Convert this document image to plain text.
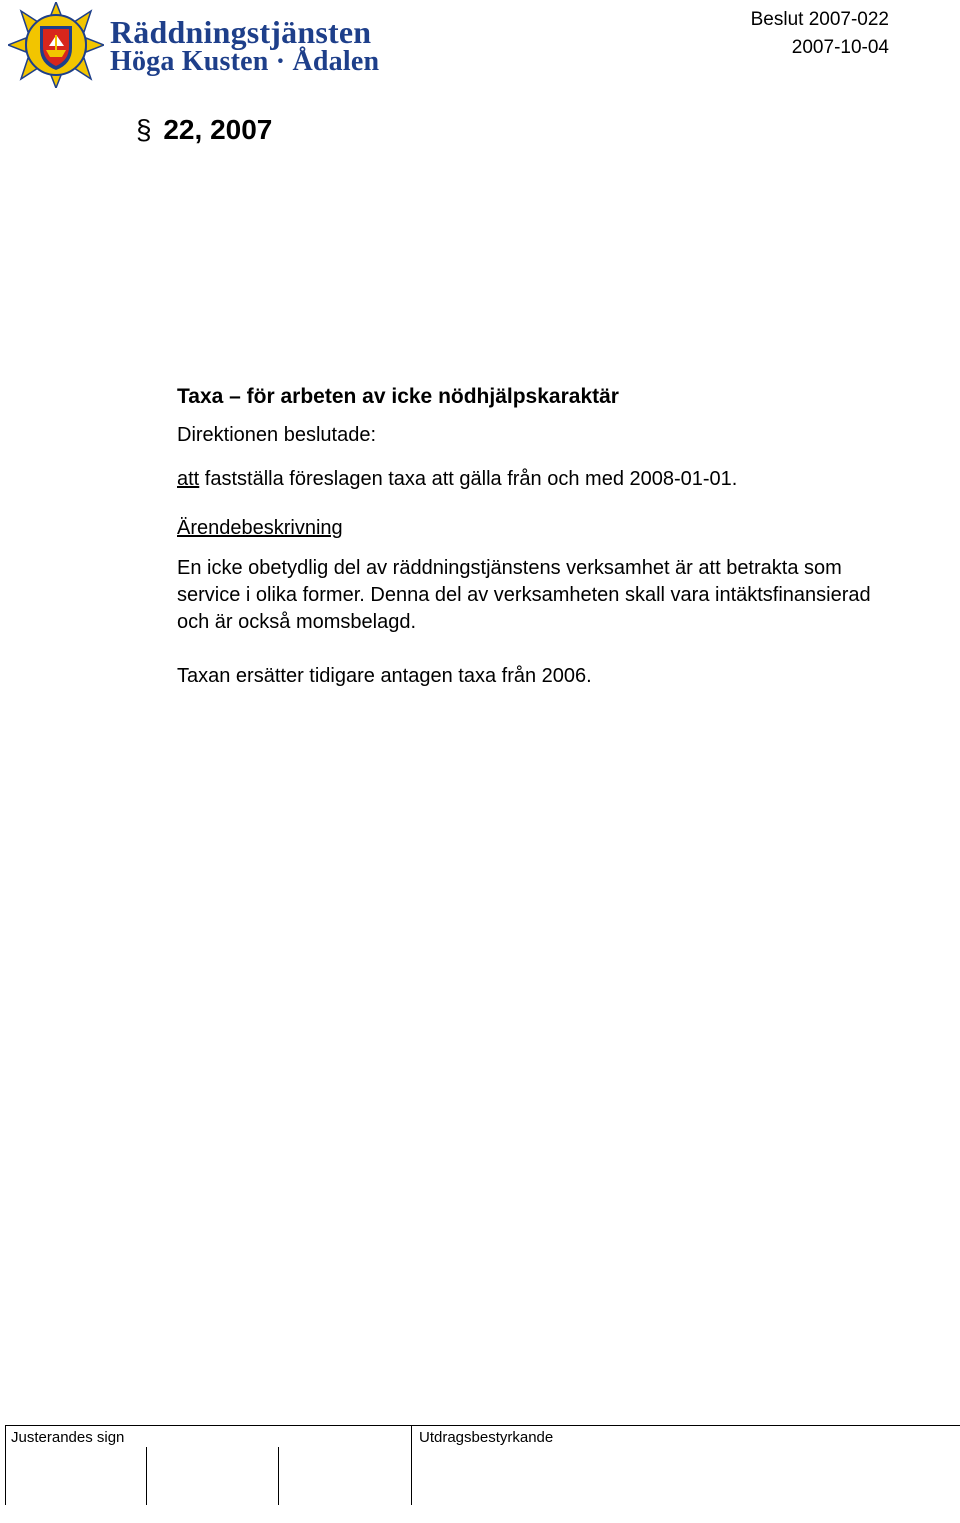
Räddningstjänsten
Höga Kusten · Ådalen
Beslut 2007-022
2007-10-04
§ 22, 2007
Taxa – för arbeten av icke nödhjälpskaraktär
Direktionen beslutade:
att fastställa föreslagen taxa att gälla från och med 2008-01-01.
Ärendebeskrivning

En icke obetydlig del av räddningstjänstens verksamhet är att betrakta som service i olika former. Denna del av verksamheten skall vara intäktsfinansierad och är också momsbelagd.

Taxan ersätter tidigare antagen taxa från 2006.
Justerandes sign	Utdragsbestyrkande
